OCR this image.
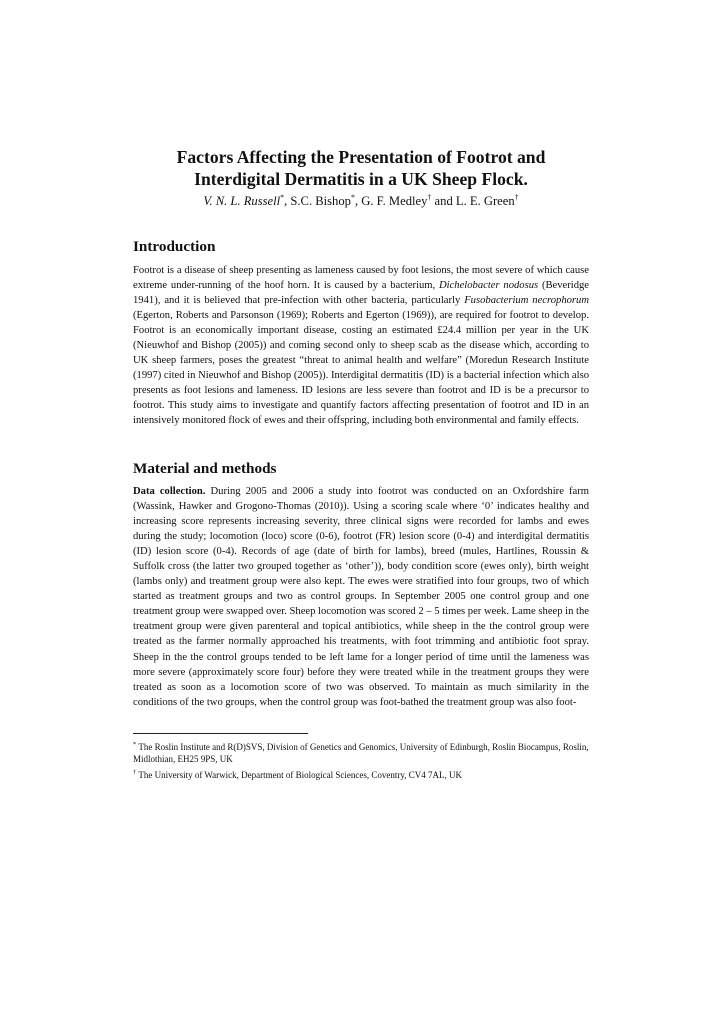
Factors Affecting the Presentation of Footrot and Interdigital Dermatitis in a UK Sheep Flock.
V. N. L. Russell*, S.C. Bishop*, G. F. Medley† and L. E. Green†
Introduction

Footrot is a disease of sheep presenting as lameness caused by foot lesions, the most severe of which cause extreme under-running of the hoof horn. It is caused by a bacterium, Dichelobacter nodosus (Beveridge 1941), and it is believed that pre-infection with other bacteria, particularly Fusobacterium necrophorum (Egerton, Roberts and Parsonson (1969); Roberts and Egerton (1969)), are required for footrot to develop. Footrot is an economically important disease, costing an estimated £24.4 million per year in the UK (Nieuwhof and Bishop (2005)) and coming second only to sheep scab as the disease which, according to UK sheep farmers, poses the greatest “threat to animal health and welfare” (Moredun Research Institute (1997) cited in Nieuwhof and Bishop (2005)). Interdigital dermatitis (ID) is a bacterial infection which also presents as foot lesions and lameness. ID lesions are less severe than footrot and ID is be a precursor to footrot. This study aims to investigate and quantify factors affecting presentation of footrot and ID in an intensively monitored flock of ewes and their offspring, including both environmental and family effects.

Material and methods

Data collection. During 2005 and 2006 a study into footrot was conducted on an Oxfordshire farm (Wassink, Hawker and Grogono-Thomas (2010)). Using a scoring scale where ‘0’ indicates healthy and increasing score represents increasing severity, three clinical signs were recorded for lambs and ewes during the study; locomotion (loco) score (0-6), footrot (FR) lesion score (0-4) and interdigital dermatitis (ID) lesion score (0-4). Records of age (date of birth for lambs), breed (mules, Hartlines, Roussin & Suffolk cross (the latter two grouped together as ‘other’)), body condition score (ewes only), birth weight (lambs only) and treatment group were also kept. The ewes were stratified into four groups, two of which started as treatment groups and two as control groups. In September 2005 one control group and one treatment group were swapped over. Sheep locomotion was scored 2 – 5 times per week. Lame sheep in the treatment group were given parenteral and topical antibiotics, while sheep in the the control group were treated as the farmer normally approached his treatments, with foot trimming and antibiotic foot spray. Sheep in the the control groups tended to be left lame for a longer period of time until the lameness was more severe (approximately score four) before they were treated while in the treatment groups they were treated as soon as a locomotion score of two was observed. To maintain as much similarity in the conditions of the two groups, when the control group was foot-bathed the treatment group was also foot-

* The Roslin Institute and R(D)SVS, Division of Genetics and Genomics, University of Edinburgh, Roslin Biocampus, Roslin, Midlothian, EH25 9PS, UK

† The University of Warwick, Department of Biological Sciences, Coventry, CV4 7AL, UK
